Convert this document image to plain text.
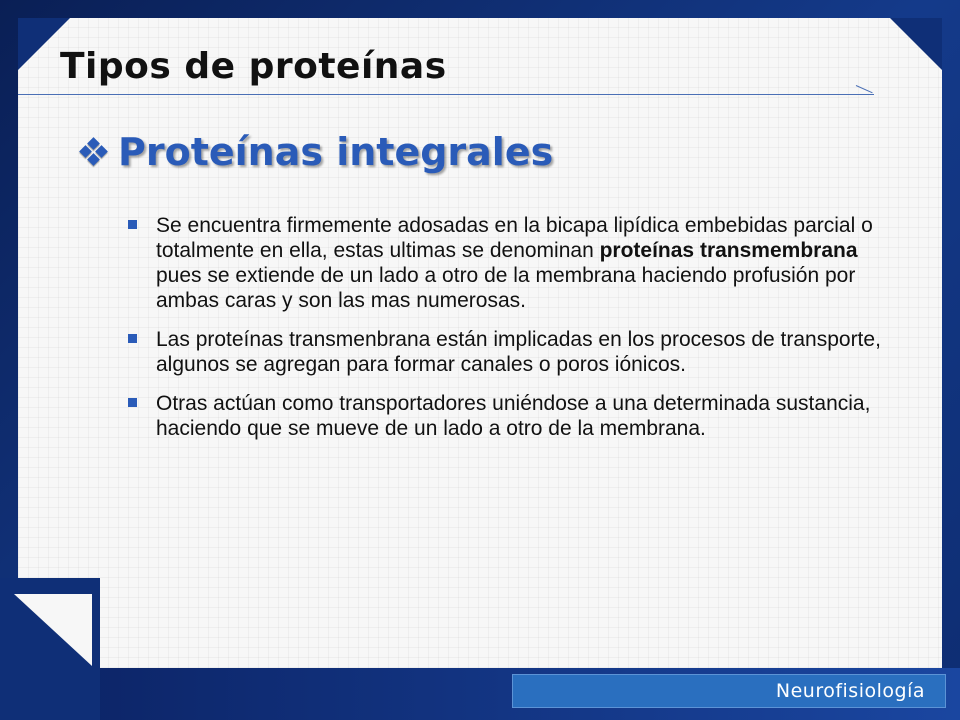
Tipos de proteínas
Proteínas integrales
Se encuentra firmemente adosadas en la bicapa lipídica embebidas parcial o totalmente en ella, estas ultimas se denominan proteínas transmembrana pues se extiende de un lado a otro de la membrana haciendo profusión por ambas caras y son las mas numerosas.
Las proteínas transmenbrana están implicadas en los procesos de transporte, algunos se agregan para formar canales o poros iónicos.
Otras actúan como transportadores uniéndose a una determinada sustancia, haciendo que se mueve de un lado a otro de la membrana.
Neurofisiología
